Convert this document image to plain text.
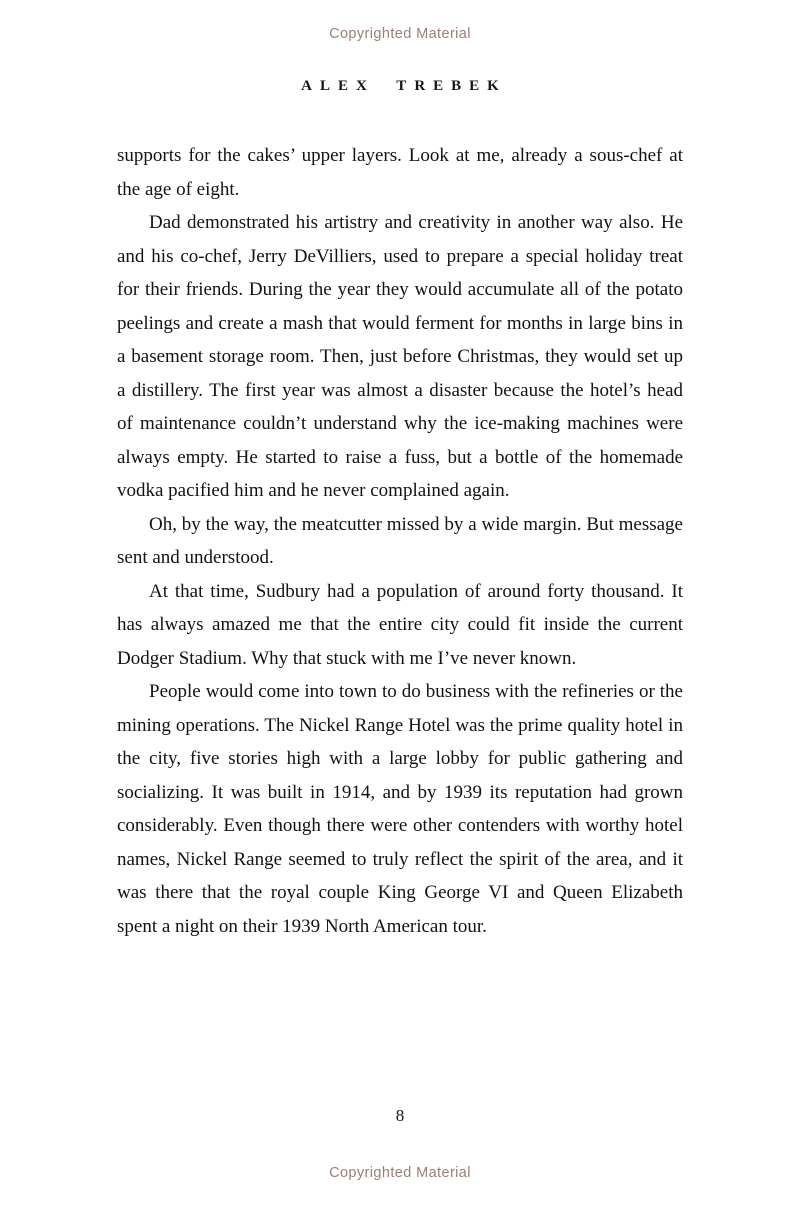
Copyrighted Material
ALEX TREBEK

supports for the cakes’ upper layers. Look at me, already a sous-chef at the age of eight.

Dad demonstrated his artistry and creativity in another way also. He and his co-chef, Jerry DeVilliers, used to prepare a special holiday treat for their friends. During the year they would accumulate all of the potato peelings and create a mash that would ferment for months in large bins in a basement storage room. Then, just before Christmas, they would set up a distillery. The first year was almost a disaster because the hotel’s head of maintenance couldn’t understand why the ice-making machines were always empty. He started to raise a fuss, but a bottle of the homemade vodka pacified him and he never complained again.

Oh, by the way, the meatcutter missed by a wide margin. But message sent and understood.

At that time, Sudbury had a population of around forty thousand. It has always amazed me that the entire city could fit inside the current Dodger Stadium. Why that stuck with me I’ve never known.

People would come into town to do business with the refineries or the mining operations. The Nickel Range Hotel was the prime quality hotel in the city, five stories high with a large lobby for public gathering and socializing. It was built in 1914, and by 1939 its reputation had grown considerably. Even though there were other contenders with worthy hotel names, Nickel Range seemed to truly reflect the spirit of the area, and it was there that the royal couple King George VI and Queen Elizabeth spent a night on their 1939 North American tour.

8
Copyrighted Material
